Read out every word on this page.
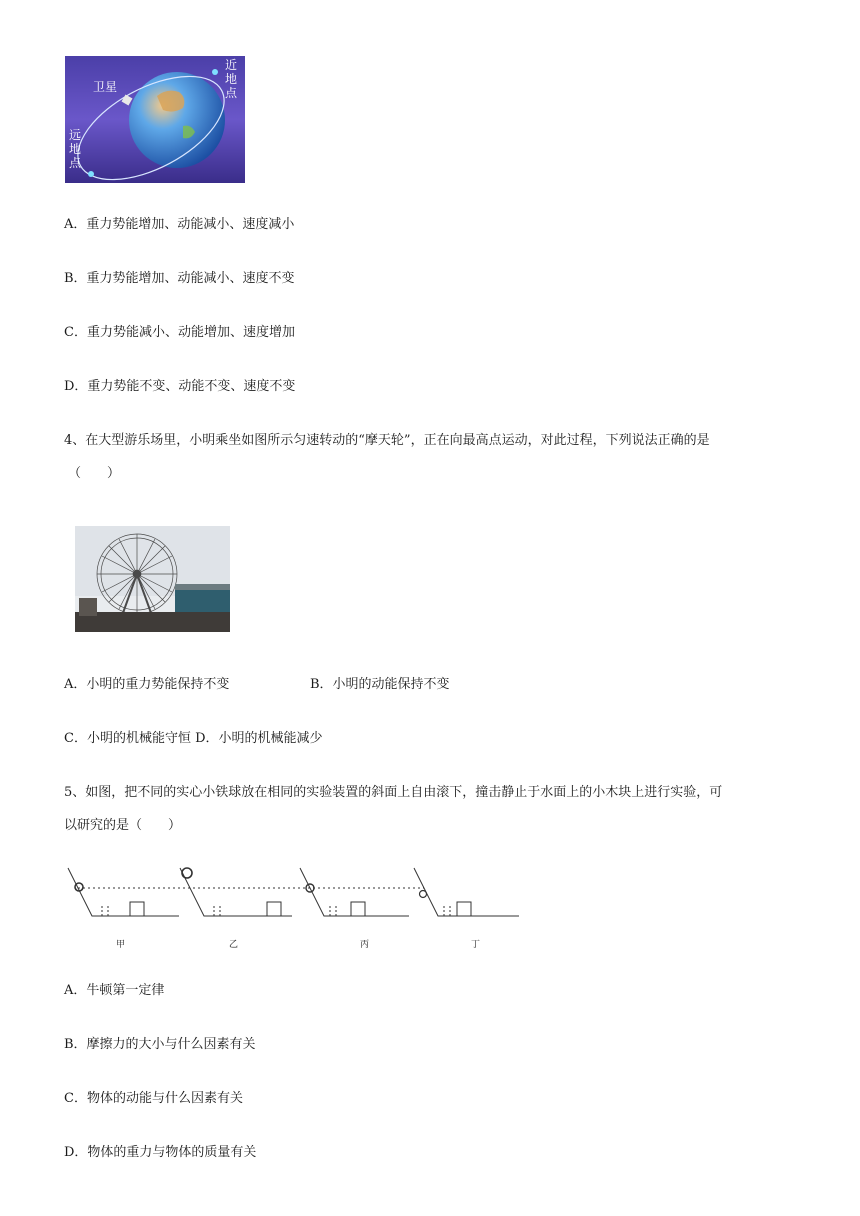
卫星
近地点
远地点
A．重力势能增加、动能减小、速度减小
B．重力势能增加、动能减小、速度不变
C．重力势能减小、动能增加、速度增加
D．重力势能不变、动能不变、速度不变
4、在大型游乐场里，小明乘坐如图所示匀速转动的“摩天轮”，正在向最高点运动，对此过程，下列说法正确的是
（　　）
A．小明的重力势能保持不变	B．小明的动能保持不变
C．小明的机械能守恒 D．小明的机械能减少
5、如图，把不同的实心小铁球放在相同的实验装置的斜面上自由滚下，撞击静止于水面上的小木块上进行实验，可
以研究的是（　　）
甲	乙	丙	丁
A．牛顿第一定律
B．摩擦力的大小与什么因素有关
C．物体的动能与什么因素有关
D．物体的重力与物体的质量有关
